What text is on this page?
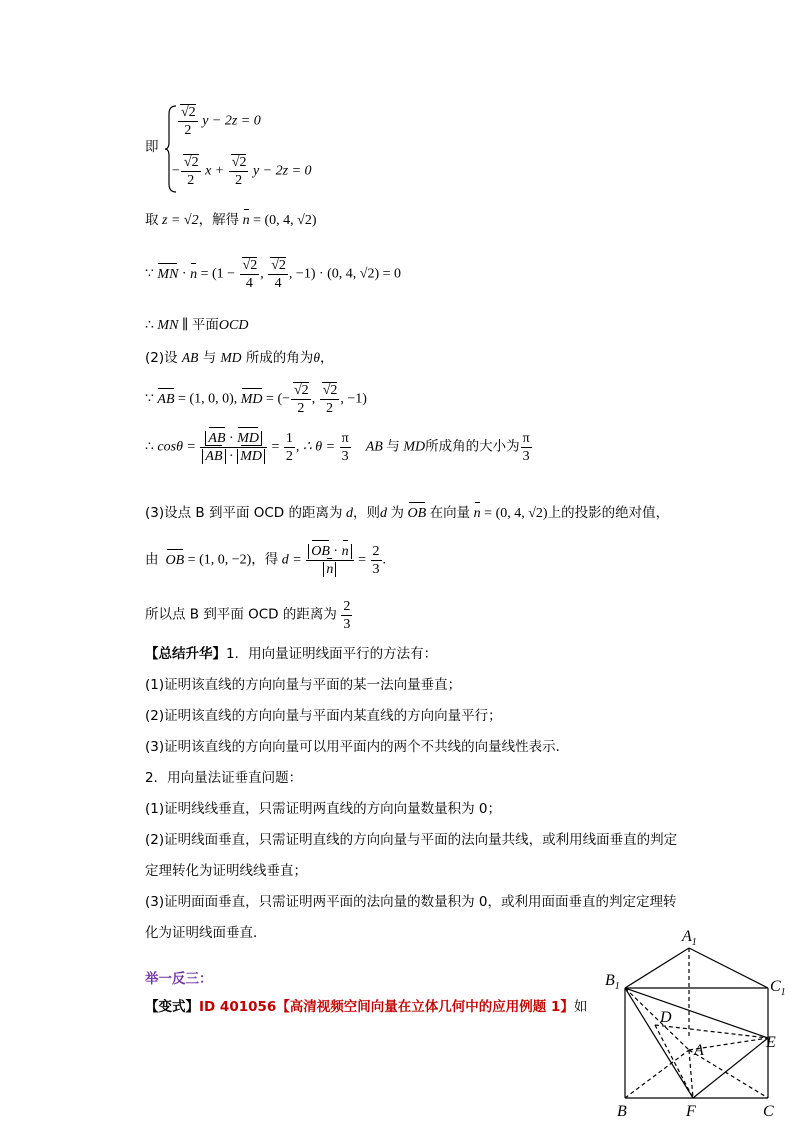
即
$\frac{√2}{2}$ y − 2z = 0
− $\frac{√2}{2}$ $x + \frac{√2}{2}$ y − 2z = 0
取 z = √2，解得 n = (0, 4, √2)
∵ MN · $n = (1 - \frac{√2}{4}$ , $\frac{√2}{4}$ , −1) · (0, 4, √2) = 0
∴ MN ∥ 平面OCD
(2)设 AB 与 MD 所成的角为θ，
∵ AB = (1, 0, 0), MD = (− $\frac{√2}{2}$ , $\frac{√2}{2}$ , −1)
∴ $\cos\theta = \frac{AB \cdot MD}{AB \cdot MD} = \frac{1}{2}$ , ∴ $\theta = \frac{\pi}{3}$ AB 与 MD所成角的大小为 $\frac{\pi}{3}$
(3)设点 B 到平面 OCD 的距离为 d，则d 为 OB 在向量 n = (0, 4, √2)上的投影的绝对值，
由 OB = (1, 0, −2)，得 $d = \frac{OB \cdot n}{n} = \frac{2}{3}$ .
所以点 B 到平面 OCD 的距离为 $\frac{2}{3}$
【总结升华】1．用向量证明线面平行的方法有：
(1)证明该直线的方向向量与平面的某一法向量垂直；
(2)证明该直线的方向向量与平面内某直线的方向向量平行；
(3)证明该直线的方向向量可以用平面内的两个不共线的向量线性表示．
2．用向量法证垂直问题：
(1)证明线线垂直，只需证明两直线的方向向量数量积为 0；
(2)证明线面垂直，只需证明直线的方向向量与平面的法向量共线，或利用线面垂直的判定
定理转化为证明线线垂直；
(3)证明面面垂直，只需证明两平面的法向量的数量积为 0，或利用面面垂直的判定定理转
化为证明线面垂直．
举一反三：
【变式】ID 401056【高清视频空间向量在立体几何中的应用例题 1】如
$A_1$
$B_1$	$C_1$
D
E
A
B	F	C
